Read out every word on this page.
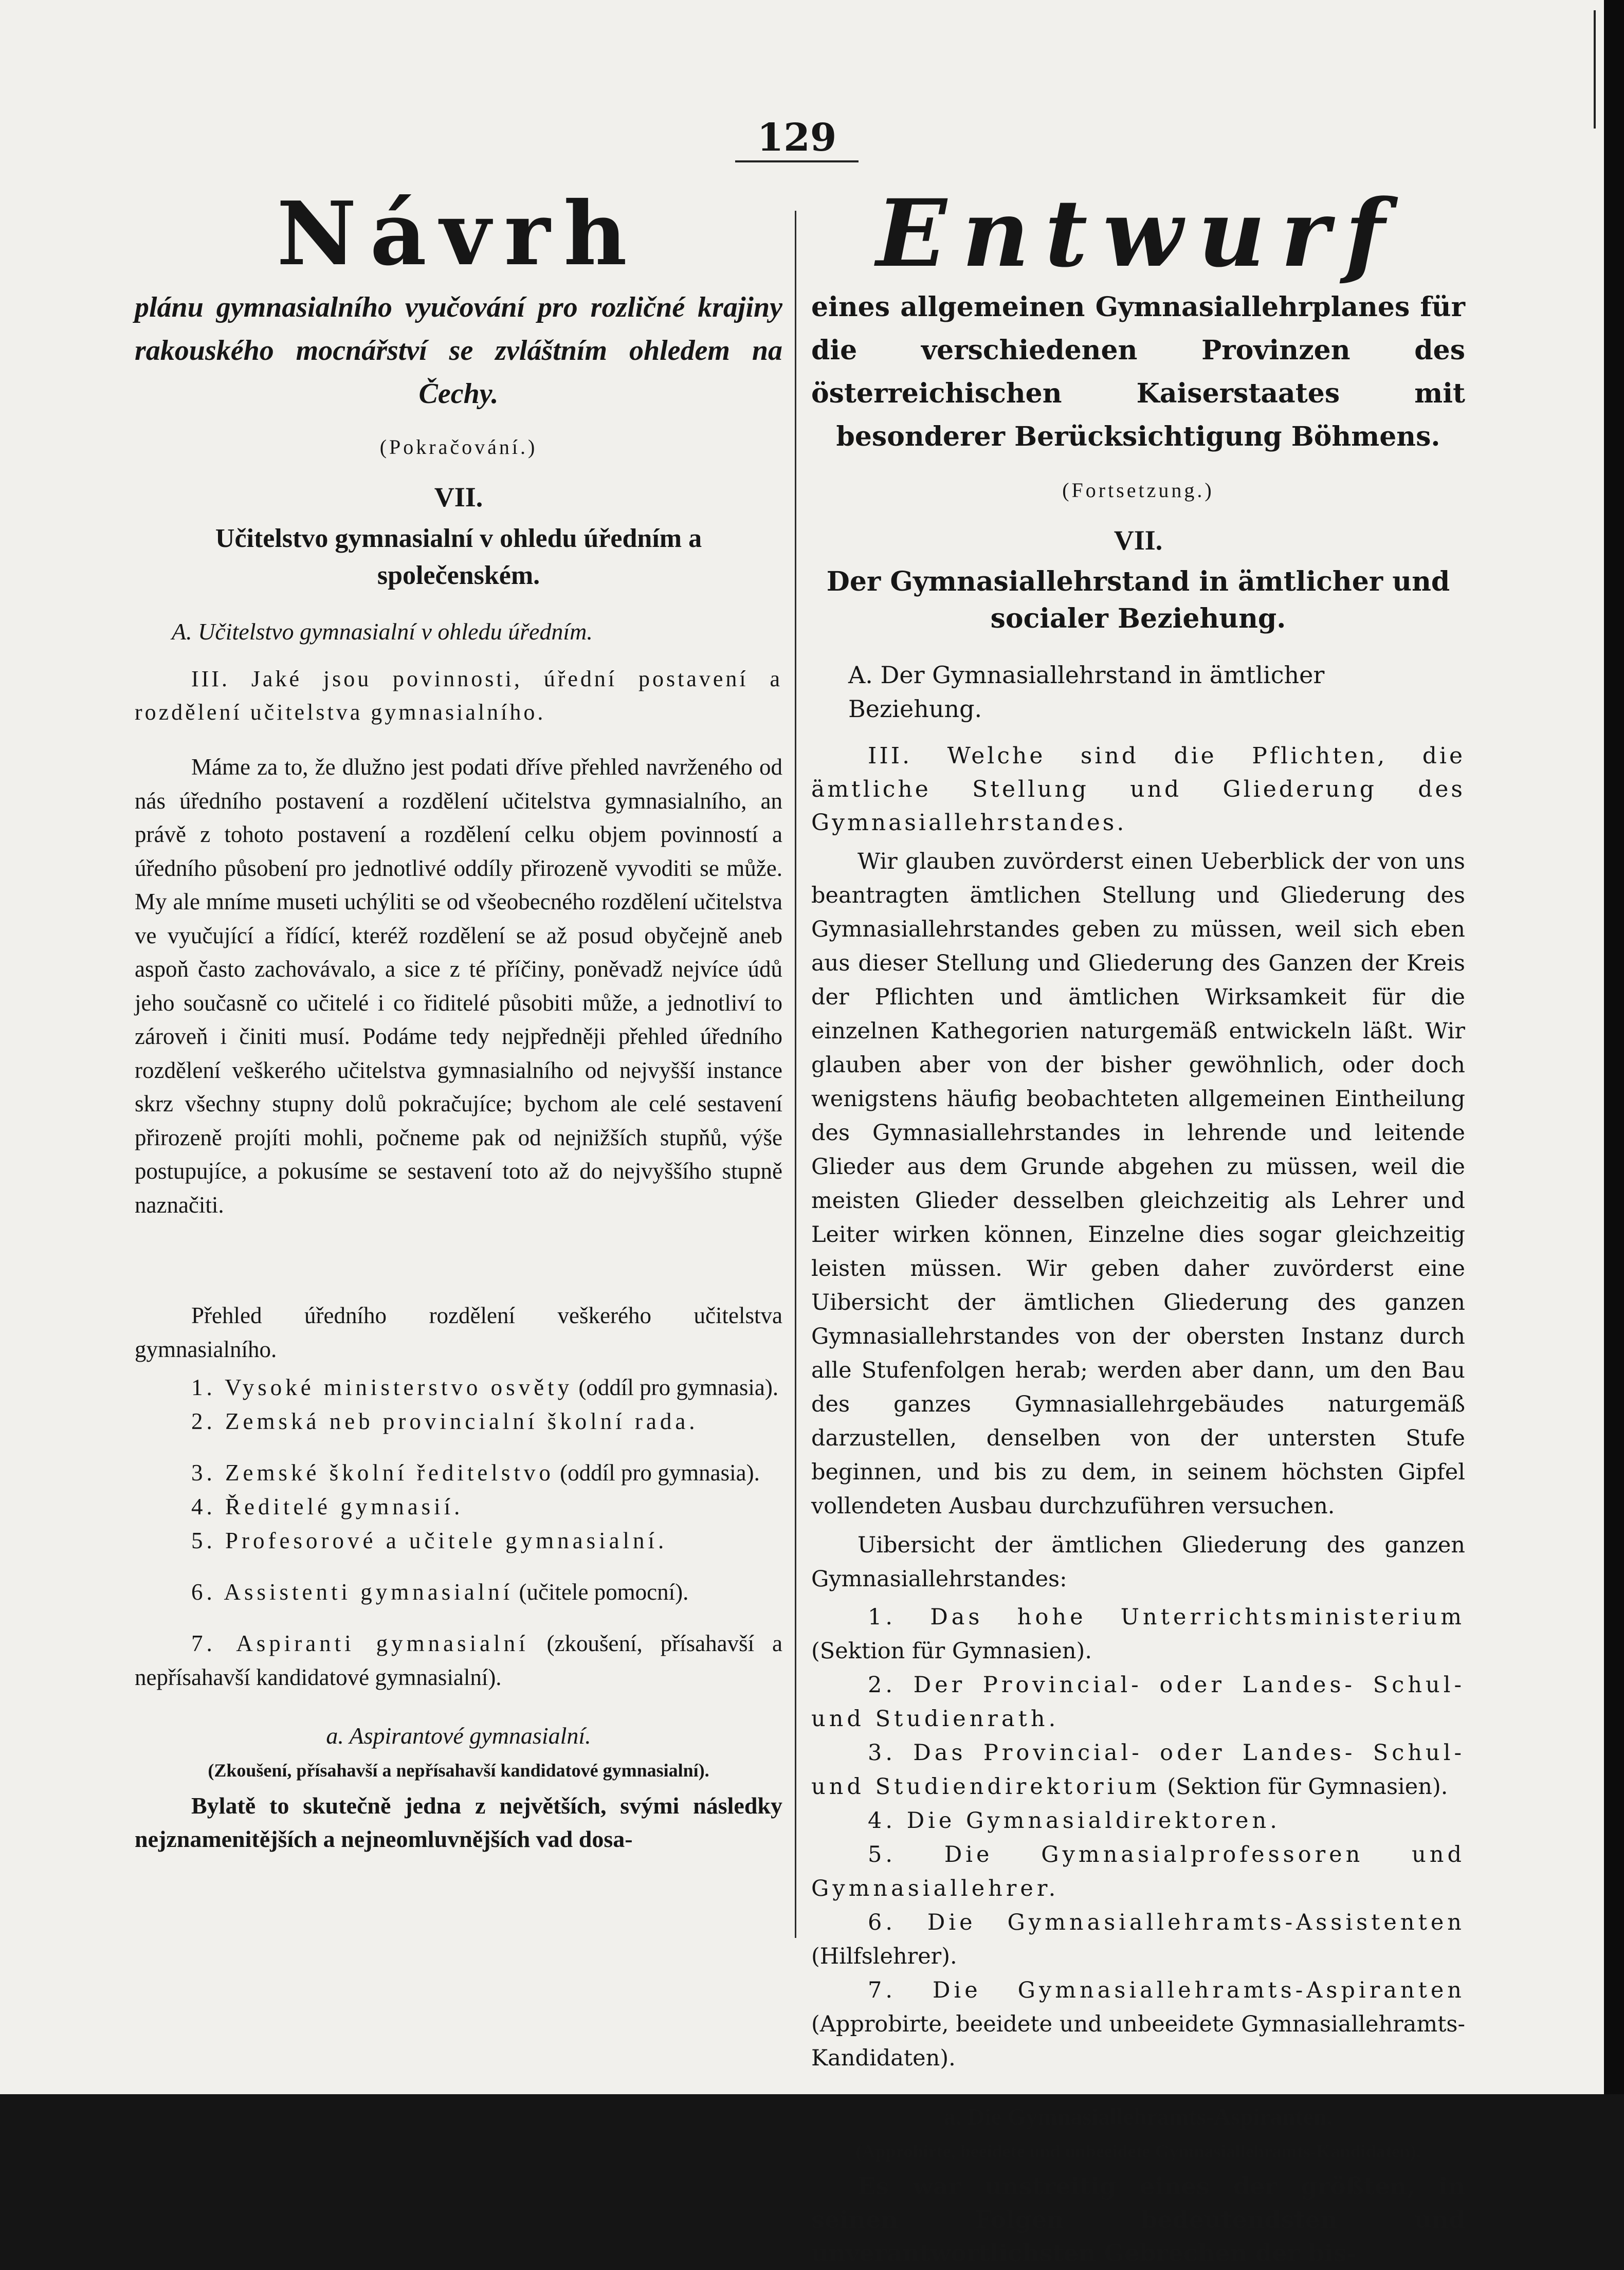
129
Návrh
plánu gymnasialního vyučování pro rozličné krajiny rakouského mocnářství se zvláštním ohledem na Čechy.
(Pokračování.)
VII.
Učitelstvo gymnasialní v ohledu úředním a společenském.
A. Učitelstvo gymnasialní v ohledu úředním.
III. Jaké jsou povinnosti, úřední postavení a rozdělení učitelstva gymnasialního.
Máme za to, že dlužno jest podati dříve přehled navrženého od nás úředního postavení a rozdělení učitelstva gymnasialního, an právě z tohoto postavení a rozdělení celku objem povinností a úředního působení pro jednotlivé oddíly přirozeně vyvoditi se může. My ale mníme museti uchýliti se od všeobecného rozdělení učitelstva ve vyučující a řídící, kteréž rozdělení se až posud obyčejně aneb aspoň často zachovávalo, a sice z té příčiny, poněvadž nejvíce údů jeho současně co učitelé i co řiditelé působiti může, a jednotliví to zároveň i činiti musí. Podáme tedy nejpředněji přehled úředního rozdělení veškerého učitelstva gymnasialního od nejvyšší instance skrz všechny stupny dolů pokračujíce; bychom ale celé sestavení přirozeně projíti mohli, počneme pak od nejnižších stupňů, výše postupujíce, a pokusíme se sestavení toto až do nejvyššího stupně naznačiti.
Přehled úředního rozdělení veškerého učitelstva gymnasialního.
1. Vysoké ministerstvo osvěty (oddíl pro gymnasia).
2. Zemská neb provincialní školní rada.
3. Zemské školní ředitelstvo (oddíl pro gymnasia).
4. Ředitelé gymnasií.
5. Profesorové a učitele gymnasialní.
6. Assistenti gymnasialní (učitele pomocní).
7. Aspiranti gymnasialní (zkoušení, přísahavší a nepřísahavší kandidatové gymnasialní).
a. Aspirantové gymnasialní.
(Zkoušení, přísahavší a nepřísahavší kandidatové gymnasialní).
Bylatě to skutečně jedna z největších, svými následky nejznamenitějších a nejneomluvnějších vad dosa-
Entwurf
eines allgemeinen Gymnasiallehrplanes für die verschiedenen Provinzen des österreichischen Kaiserstaates mit besonderer Berücksichtigung Böhmens.
(Fortsetzung.)
VII.
Der Gymnasiallehrstand in ämtlicher und socialer Beziehung.
A. Der Gymnasiallehrstand in ämtlicher Beziehung.
III. Welche sind die Pflichten, die ämtliche Stellung und Gliederung des Gymnasiallehrstandes.
Wir glauben zuvörderst einen Ueberblick der von uns beantragten ämtlichen Stellung und Gliederung des Gymnasiallehrstandes geben zu müssen, weil sich eben aus dieser Stellung und Gliederung des Ganzen der Kreis der Pflichten und ämtlichen Wirksamkeit für die einzelnen Kathegorien naturgemäß entwickeln läßt. Wir glauben aber von der bisher gewöhnlich, oder doch wenigstens häufig beobachteten allgemeinen Eintheilung des Gymnasiallehrstandes in lehrende und leitende Glieder aus dem Grunde abgehen zu müssen, weil die meisten Glieder desselben gleichzeitig als Lehrer und Leiter wirken können, Einzelne dies sogar gleichzeitig leisten müssen. Wir geben daher zuvörderst eine Uibersicht der ämtlichen Gliederung des ganzen Gymnasiallehrstandes von der obersten Instanz durch alle Stufenfolgen herab; werden aber dann, um den Bau des ganzes Gymnasiallehrgebäudes naturgemäß darzustellen, denselben von der untersten Stufe beginnen, und bis zu dem, in seinem höchsten Gipfel vollendeten Ausbau durchzuführen versuchen.
Uibersicht der ämtlichen Gliederung des ganzen Gymnasiallehrstandes:
1. Das hohe Unterrichtsministerium (Sektion für Gymnasien).
2. Der Provincial- oder Landes- Schul- und Studienrath.
3. Das Provincial- oder Landes- Schul- und Studiendirektorium (Sektion für Gymnasien).
4. Die Gymnasialdirektoren.
5. Die Gymnasialprofessoren und Gymnasiallehrer.
6. Die Gymnasiallehramts-Assistenten (Hilfslehrer).
7. Die Gymnasiallehramts-Aspiranten (Approbirte, beeidete und unbeeidete Gymnasiallehramts-Kandidaten).
a. Die Gymnasiallehramts-Aspiranten.
(Approbirte, beeidete und unbeeidete Gymnasiallehramts-Kandidaten).
Es war unstreitig eines der größten, in seinen Folgen bedeutendsten und unverantwortlichsten Gebrechen der bis-
